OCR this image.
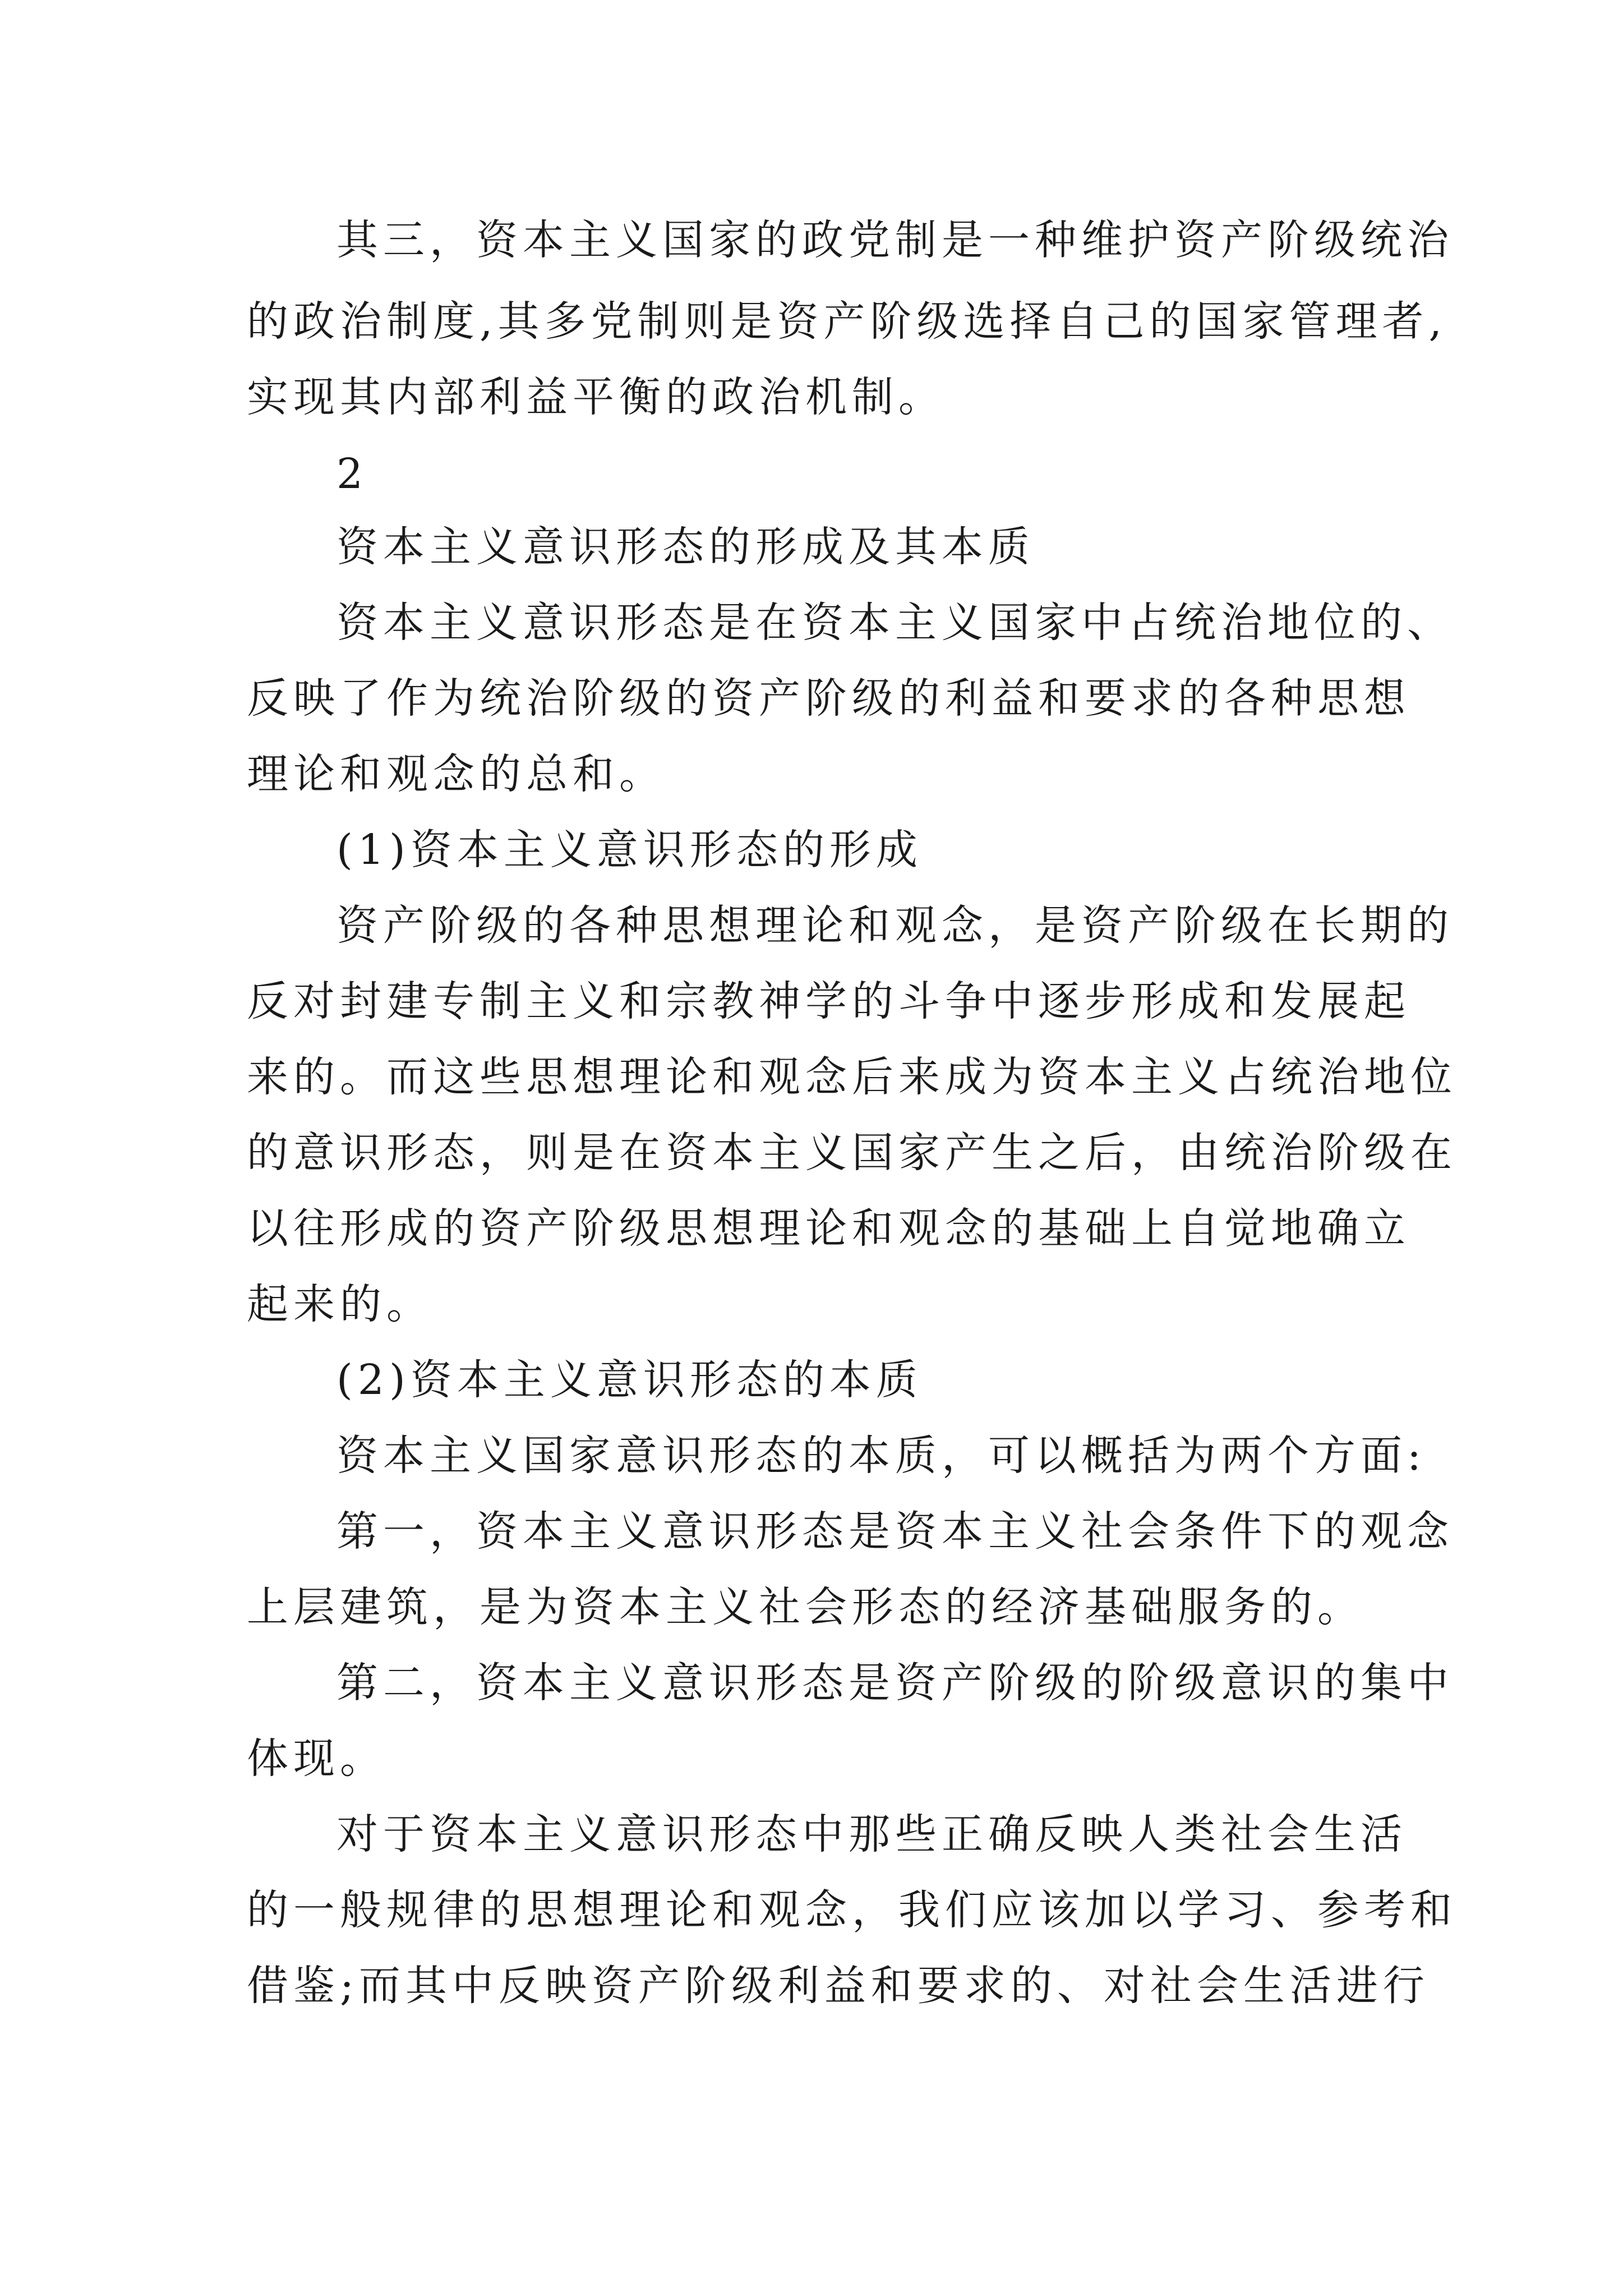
其三，资本主义国家的政党制是一种维护资产阶级统治
的政治制度,其多党制则是资产阶级选择自己的国家管理者,
实现其内部利益平衡的政治机制。
2
资本主义意识形态的形成及其本质
资本主义意识形态是在资本主义国家中占统治地位的、
反映了作为统治阶级的资产阶级的利益和要求的各种思想
理论和观念的总和。
(1)资本主义意识形态的形成
资产阶级的各种思想理论和观念，是资产阶级在长期的
反对封建专制主义和宗教神学的斗争中逐步形成和发展起
来的。而这些思想理论和观念后来成为资本主义占统治地位
的意识形态，则是在资本主义国家产生之后，由统治阶级在
以往形成的资产阶级思想理论和观念的基础上自觉地确立
起来的。
(2)资本主义意识形态的本质
资本主义国家意识形态的本质，可以概括为两个方面:
第一，资本主义意识形态是资本主义社会条件下的观念
上层建筑，是为资本主义社会形态的经济基础服务的。
第二，资本主义意识形态是资产阶级的阶级意识的集中
体现。
对于资本主义意识形态中那些正确反映人类社会生活
的一般规律的思想理论和观念，我们应该加以学习、参考和
借鉴;而其中反映资产阶级利益和要求的、对社会生活进行
